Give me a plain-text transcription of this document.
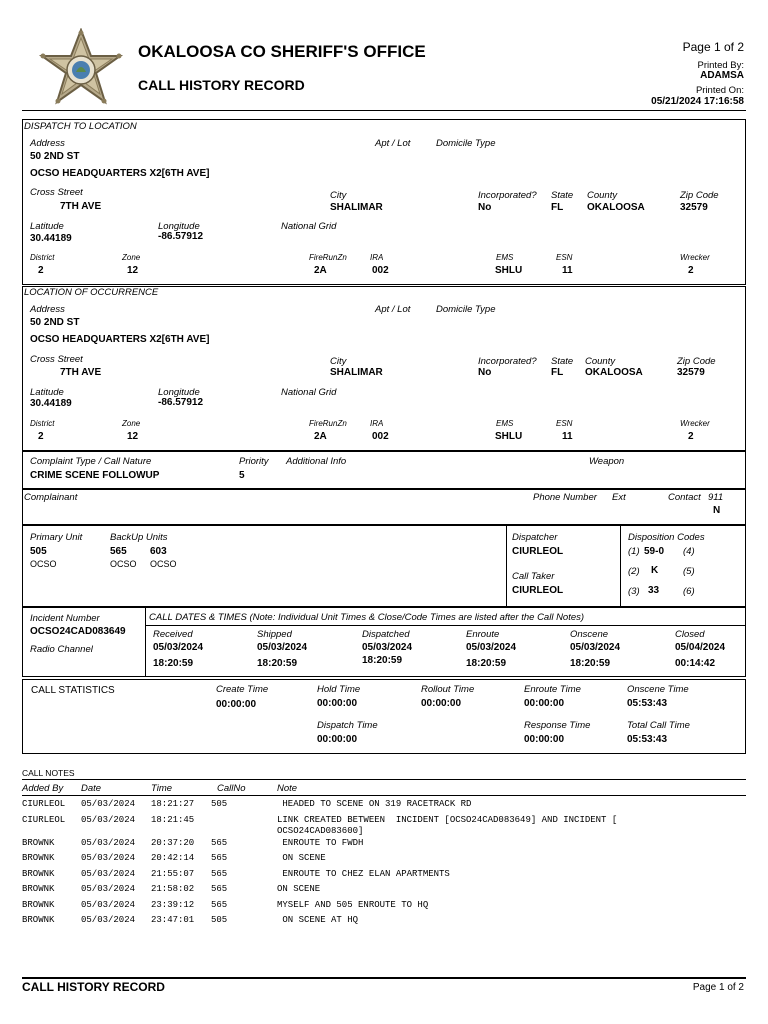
OKALOOSA CO SHERIFF'S OFFICE
CALL HISTORY RECORD
Page 1 of 2
Printed By:
ADAMSA
Printed On:
05/21/2024 17:16:58
DISPATCH TO LOCATION
Address
50 2ND ST
Apt / Lot	Domicile Type
OCSO HEADQUARTERS X2[6TH AVE]
Cross Street
7TH AVE
City
SHALIMAR
Incorporated?
No
State
FL
County
OKALOOSA
Zip Code
32579
Latitude
30.44189
Longitude
-86.57912
National Grid
District
2
Zone
12
FireRunZn
2A
IRA
002
EMS
SHLU
ESN
11
Wrecker
2
LOCATION OF OCCURRENCE
Address
50 2ND ST
Apt / Lot	Domicile Type
OCSO HEADQUARTERS X2[6TH AVE]
Cross Street
7TH AVE
City
SHALIMAR
Incorporated?
No
State
FL
County
OKALOOSA
Zip Code
32579
Latitude
30.44189
Longitude
-86.57912
National Grid
District
2
Zone
12
FireRunZn
2A
IRA
002
EMS
SHLU
ESN
11
Wrecker
2
Complaint Type / Call Nature
CRIME SCENE FOLLOWUP
Priority
5
Additional Info	Weapon
Complainant	Phone Number Ext	Contact 911
N
Primary Unit
505
OCSO
BackUp Units
565
OCSO
603
OCSO
Dispatcher
CIURLEOL
Call Taker
CIURLEOL
Disposition Codes
(1) 59-0 (4)
(2) K	(5)
(3) 33	(6)
Incident Number
OCSO24CAD083649
Radio Channel
CALL DATES & TIMES (Note: Individual Unit Times & Close/Code Times are listed after the Call Notes)
Received
05/03/2024
18:20:59
Shipped
05/03/2024
18:20:59
Dispatched
05/03/2024
18:20:59
Enroute
05/03/2024
18:20:59
Onscene
05/03/2024
18:20:59
Closed
05/04/2024
00:14:42
CALL STATISTICS	Create Time
00:00:00
Hold Time
00:00:00
Rollout Time
00:00:00
Enroute Time
00:00:00
Onscene Time
05:53:43
Dispatch Time
00:00:00
Response Time
00:00:00
Total Call Time
05:53:43
CALL NOTES
Added By Date	Time	CallNo	Note
CIURLEOL 05/03/2024 18:21:27 505	HEADED TO SCENE ON 319 RACETRACK RD
CIURLEOL 05/03/2024 18:21:45	LINK CREATED BETWEEN  INCIDENT [OCSO24CAD083649] AND INCIDENT [
OCSO24CAD083600]
BROWNK	05/03/2024 20:37:20 565	ENROUTE TO FWDH
BROWNK	05/03/2024 20:42:14 565	ON SCENE
BROWNK	05/03/2024 21:55:07 565	ENROUTE TO CHEZ ELAN APARTMENTS
BROWNK	05/03/2024 21:58:02 565	ON SCENE
BROWNK	05/03/2024 23:39:12 565	MYSELF AND 505 ENROUTE TO HQ
BROWNK	05/03/2024 23:47:01 505	ON SCENE AT HQ
CALL HISTORY RECORD	Page 1 of 2
